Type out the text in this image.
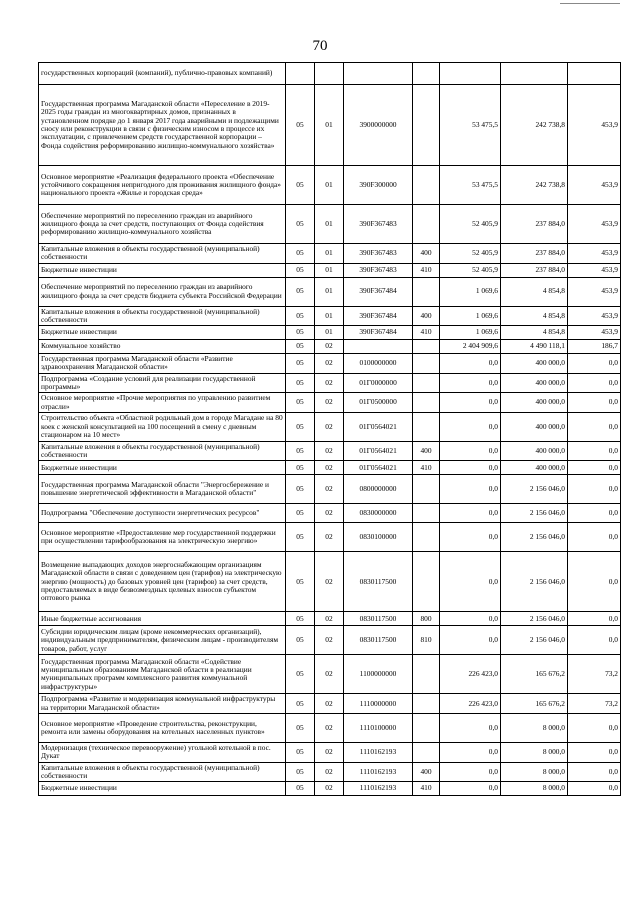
70
государственных корпораций (компаний), публично-правовых компаний)							
Государственная программа Магаданской области «Переселение в 2019-2025 годы граждан из многоквартирных домов, признанных в установленном порядке до 1 января 2017 года аварийными и подлежащими сносу или реконструкции в связи с физическим износом в процессе их эксплуатации, с привлечением средств государственной корпорации – Фонда содействия реформированию жилищно-коммунального хозяйства»	05	01	3900000000		53 475,5	242 738,8	453,9
Основное мероприятие «Реализация федерального проекта «Обеспечение устойчивого сокращения непригодного для проживания жилищного фонда» национального проекта «Жилье и городская среда»	05	01	390F300000		53 475,5	242 738,8	453,9
Обеспечение мероприятий по переселению граждан из аварийного жилищного фонда за счет средств, поступающих от Фонда содействия реформированию жилищно-коммунального хозяйства	05	01	390F367483		52 405,9	237 884,0	453,9
Капитальные вложения в объекты государственной (муниципальной) собственности	05	01	390F367483	400	52 405,9	237 884,0	453,9
Бюджетные инвестиции	05	01	390F367483	410	52 405,9	237 884,0	453,9
Обеспечение мероприятий по переселению граждан из аварийного жилищного фонда за счет средств бюджета субъекта Российской Федерации	05	01	390F367484		1 069,6	4 854,8	453,9
Капитальные вложения в объекты государственной (муниципальной) собственности	05	01	390F367484	400	1 069,6	4 854,8	453,9
Бюджетные инвестиции	05	01	390F367484	410	1 069,6	4 854,8	453,9
Коммунальное хозяйство	05	02			2 404 909,6	4 490 118,1	186,7
Государственная программа Магаданской области «Развитие здравоохранения Магаданской области»	05	02	0100000000		0,0	400 000,0	0,0
Подпрограмма «Создание условий для реализации государственной программы»	05	02	01Г0000000		0,0	400 000,0	0,0
Основное мероприятие «Прочие мероприятия по управлению развитием отрасли»	05	02	01Г0500000		0,0	400 000,0	0,0
Строительство объекта «Областной родильный дом в городе Магадане на 80 коек с женской консультацией на 100 посещений в смену с дневным стационаром на 10 мест»	05	02	01Г0564021		0,0	400 000,0	0,0
Капитальные вложения в объекты государственной (муниципальной) собственности	05	02	01Г0564021	400	0,0	400 000,0	0,0
Бюджетные инвестиции	05	02	01Г0564021	410	0,0	400 000,0	0,0
Государственная программа Магаданской области "Энергосбережение и повышение энергетической эффективности в Магаданской области"	05	02	0800000000		0,0	2 156 046,0	0,0
Подпрограмма "Обеспечение доступности энергетических ресурсов"	05	02	0830000000		0,0	2 156 046,0	0,0
Основное мероприятие «Предоставление мер государственной поддержки при осуществлении тарифообразования на электрическую энергию»	05	02	0830100000		0,0	2 156 046,0	0,0
Возмещение выпадающих доходов энергоснабжающим организациям Магаданской области в связи с доведением цен (тарифов) на электрическую энергию (мощность) до базовых уровней цен (тарифов) за счет средств, предоставляемых в виде безвозмездных целевых взносов субъектом оптового рынка	05	02	0830117500		0,0	2 156 046,0	0,0
Иные бюджетные ассигнования	05	02	0830117500	800	0,0	2 156 046,0	0,0
Субсидии юридическим лицам (кроме некоммерческих организаций), индивидуальным предпринимателям, физическим лицам - производителям товаров, работ, услуг	05	02	0830117500	810	0,0	2 156 046,0	0,0
Государственная программа Магаданской области «Содействие муниципальным образованиям Магаданской области в реализации муниципальных программ комплексного развития коммунальной инфраструктуры»	05	02	1100000000		226 423,0	165 676,2	73,2
Подпрограмма «Развитие и модернизация коммунальной инфраструктуры на территории Магаданской области»	05	02	1110000000		226 423,0	165 676,2	73,2
Основное мероприятие «Проведение строительства, реконструкции, ремонта или замены оборудования на котельных населенных пунктов»	05	02	1110100000		0,0	8 000,0	0,0
Модернизация (техническое перевооружение) угольной котельной в пос. Дукат	05	02	1110162193		0,0	8 000,0	0,0
Капитальные вложения в объекты государственной (муниципальной) собственности	05	02	1110162193	400	0,0	8 000,0	0,0
Бюджетные инвестиции	05	02	1110162193	410	0,0	8 000,0	0,0
